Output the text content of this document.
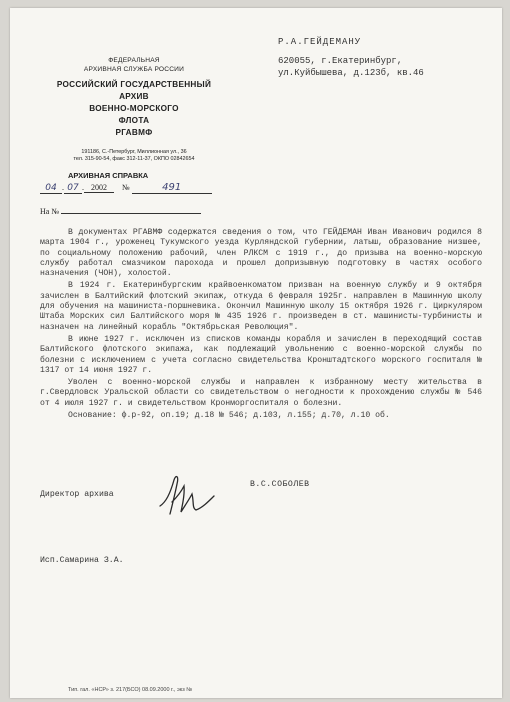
ФЕДЕРАЛЬНАЯ
АРХИВНАЯ СЛУЖБА РОССИИ
РОССИЙСКИЙ ГОСУДАРСТВЕННЫЙ
АРХИВ
ВОЕННО-МОРСКОГО
ФЛОТА
РГАВМФ
191186, С.-Петербург, Миллионная ул., 36
тел. 315-90-54, факс 312-11-37, ОКПО 02842654
АРХИВНАЯ СПРАВКА
04 . 07 . 2002 №	491
На №
Р.А.ГЕЙДЕМАНУ
620055, г.Екатеринбург,
ул.Куйбышева, д.123б, кв.46

В документах РГАВМФ содержатся сведения о том, что ГЕЙДЕМАН Иван Иванович родился 8 марта 1904 г., уроженец Тукумского уезда Курляндской губернии, латыш, образование низшее, по социальному положению рабочий, член РЛКСМ с 1919 г., до призыва на военно-морскую службу работал смазчиком парохода и прошел допризывную подготовку в частях особого назначения (ЧОН), холостой.

В 1924 г. Екатеринбургским крайвоенкоматом призван на военную службу и 9 октября зачислен в Балтийский флотский экипаж, откуда 6 февраля 1925г. направлен в Машинную школу для обучения на машиниста-поршневика. Окончил Машинную школу 15 октября 1926 г. Циркуляром Штаба Морских сил Балтийского моря № 435 1926 г. произведен в ст. машинисты-турбинисты и назначен на линейный корабль "Октябрьская Революция".

В июне 1927 г. исключен из списков команды корабля и зачислен в переходящий состав Балтийского флотского экипажа, как подлежащий увольнению с военно-морской службы по болезни с исключением с учета согласно свидетельства Кронштадтского морского госпиталя № 1317 от 14 июня 1927 г.

Уволен с военно-морской службы и направлен к избранному месту жительства в г.Свердловск Уральской области со свидетельством о негодности к прохождению службы № 546 от 4 июля 1927 г. и свидетельством Кронморгоспиталя о болезни.

Основание: ф.р-92, оп.19; д.18 № 546; д.103, л.155; д.70, л.10 об.

Директор архива
В.С.СОБОЛЕВ
Исп.Самарина З.А.
Тип. гал. «НСР» з. 217(БСО) 08.09.2000 г., экз №
